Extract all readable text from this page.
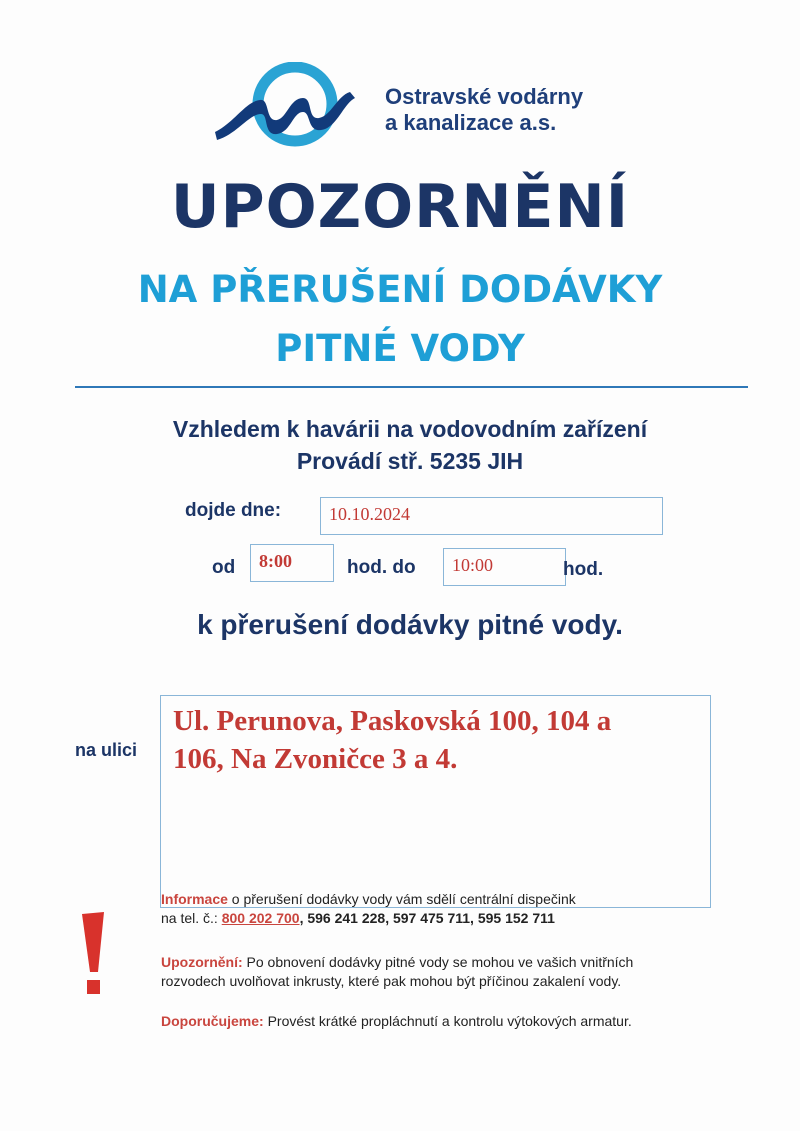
Ostravské vodárny
a kanalizace a.s.
UPOZORNĚNÍ
NA PŘERUŠENÍ DODÁVKY
PITNÉ VODY
Vzhledem k havárii na vodovodním zařízení
Provádí stř. 5235 JIH
dojde dne:	10.10.2024
od	8:00	hod. do	10:00	hod.
k přerušení dodávky pitné vody.
na ulici
Ul. Perunova, Paskovská 100, 104 a
106, Na Zvoničce 3 a 4.
Informace o přerušení dodávky vody vám sdělí centrální dispečink
na tel. č.: 800 202 700, 596 241 228, 597 475 711, 595 152 711
Upozornění: Po obnovení dodávky pitné vody se mohou ve vašich vnitřních
rozvodech uvolňovat inkrusty, které pak mohou být příčinou zakalení vody.
Doporučujeme: Provést krátké propláchnutí a kontrolu výtokových armatur.
